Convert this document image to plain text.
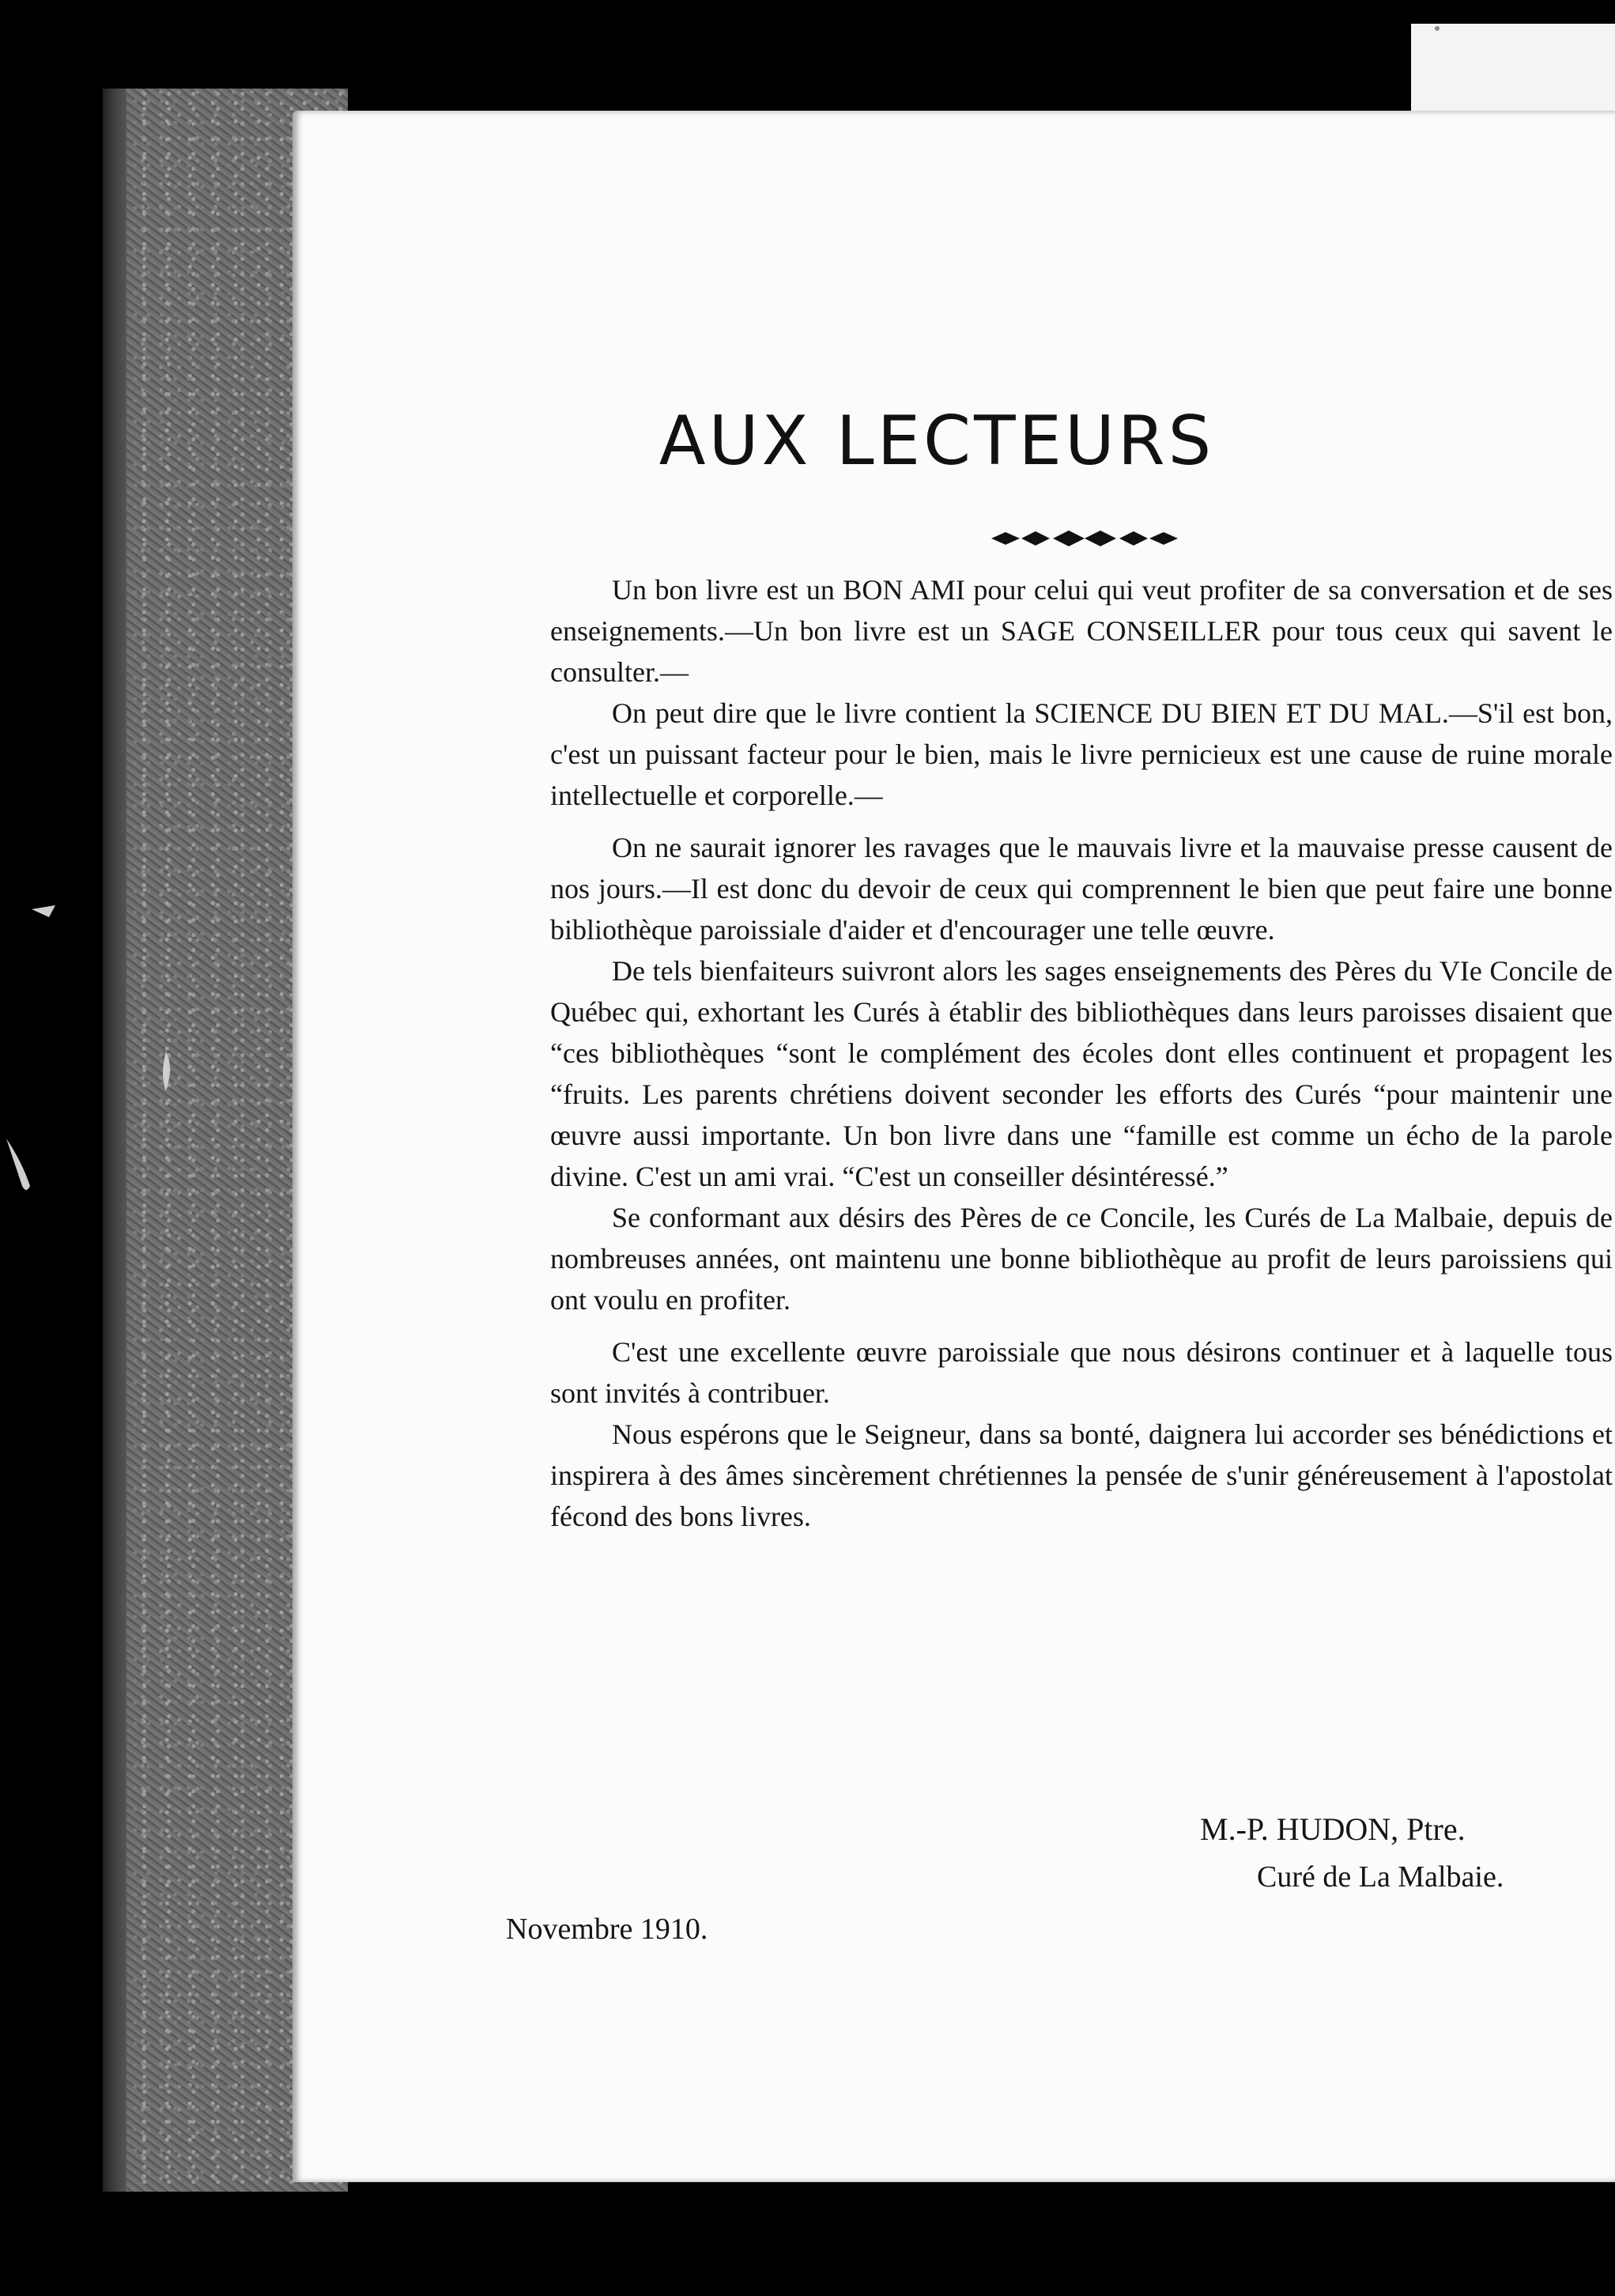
AUX LECTEURS

Un bon livre est un BON AMI pour celui qui veut profiter de sa conversation et de ses enseignements.—Un bon livre est un SAGE CONSEILLER pour tous ceux qui savent le consulter.—

On peut dire que le livre contient la SCIENCE DU BIEN ET DU MAL.—S'il est bon, c'est un puissant facteur pour le bien, mais le livre pernicieux est une cause de ruine morale intellectuelle et corporelle.—

On ne saurait ignorer les ravages que le mauvais livre et la mauvaise presse causent de nos jours.—Il est donc du devoir de ceux qui comprennent le bien que peut faire une bonne bibliothèque paroissiale d'aider et d'encourager une telle œuvre.

De tels bienfaiteurs suivront alors les sages enseignements des Pères du VIe Concile de Québec qui, exhortant les Curés à établir des bibliothèques dans leurs paroisses disaient que “ces bibliothèques “sont le complément des écoles dont elles continuent et propagent les “fruits. Les parents chrétiens doivent seconder les efforts des Curés “pour maintenir une œuvre aussi importante. Un bon livre dans une “famille est comme un écho de la parole divine. C'est un ami vrai. “C'est un conseiller désintéressé.”

Se conformant aux désirs des Pères de ce Concile, les Curés de La Malbaie, depuis de nombreuses années, ont maintenu une bonne bibliothèque au profit de leurs paroissiens qui ont voulu en profiter.

C'est une excellente œuvre paroissiale que nous désirons continuer et à laquelle tous sont invités à contribuer.

Nous espérons que le Seigneur, dans sa bonté, daignera lui accorder ses bénédictions et inspirera à des âmes sincèrement chrétiennes la pensée de s'unir généreusement à l'apostolat fécond des bons livres.

M.-P. HUDON, Ptre.
Curé de La Malbaie.
Novembre 1910.
